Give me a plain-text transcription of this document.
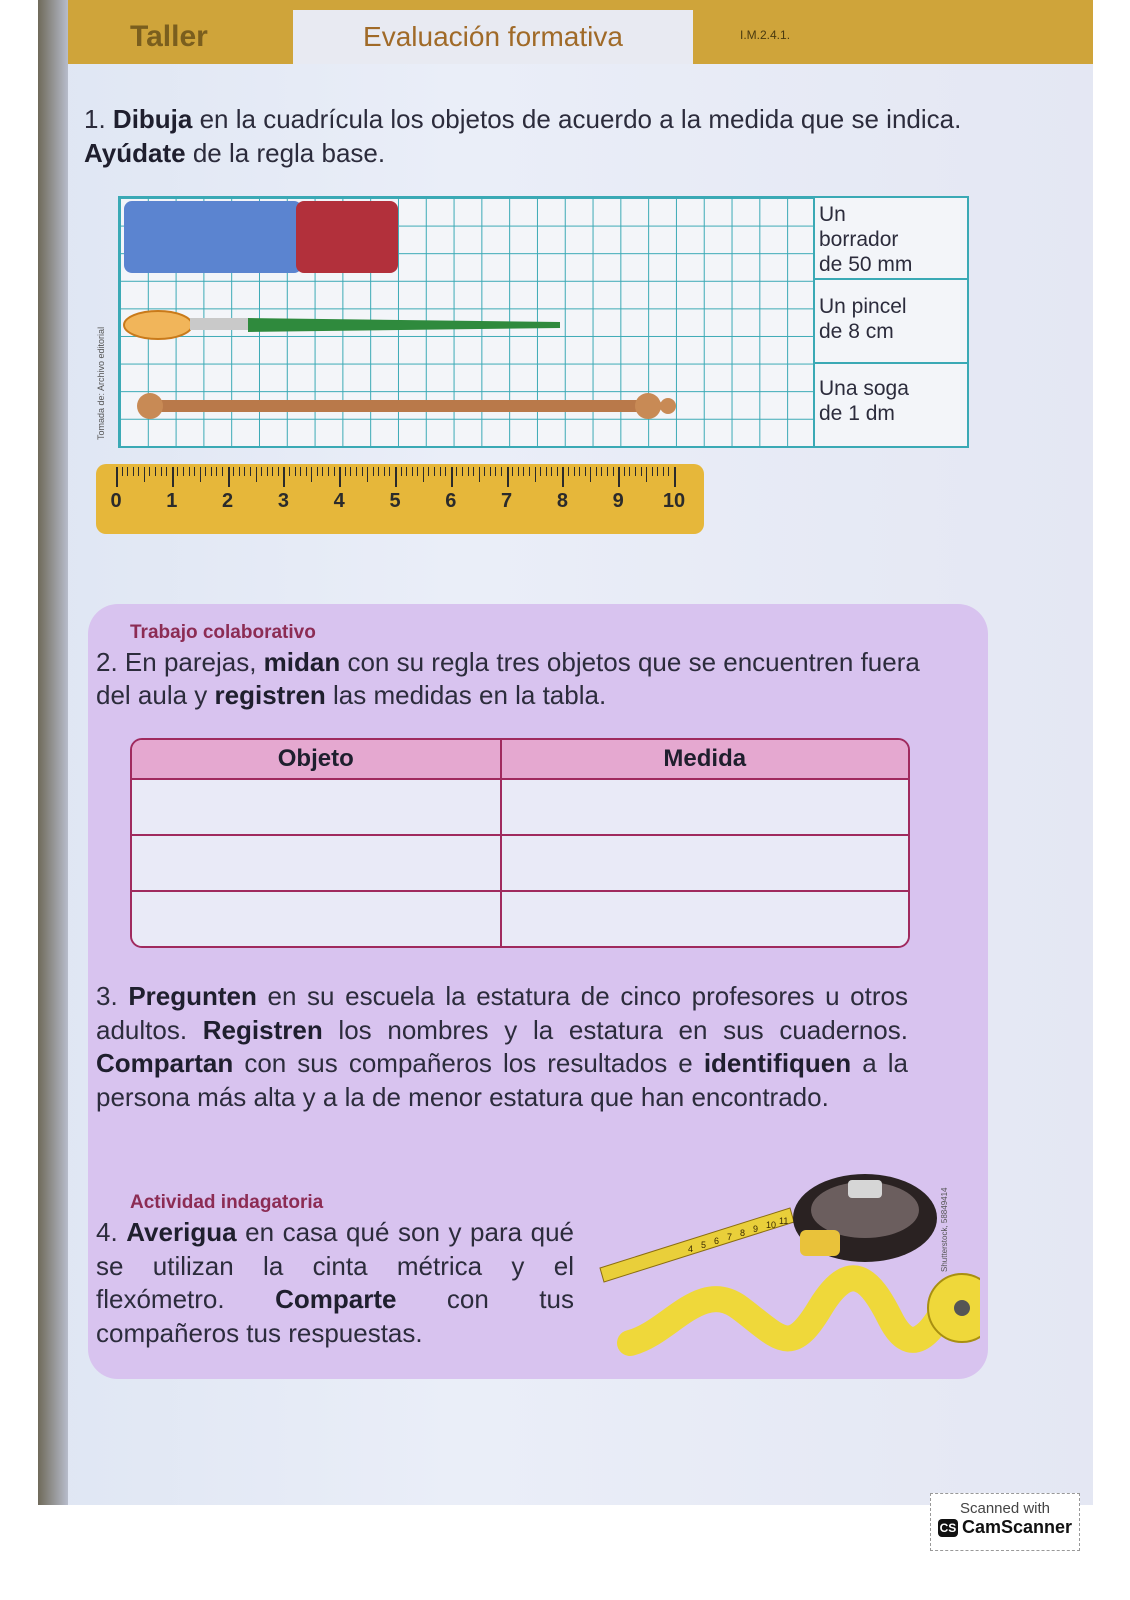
Taller	Evaluación formativa	I.M.2.4.1.
1. Dibuja en la cuadrícula los objetos de acuerdo a la medida que se indica. Ayúdate de la regla base.
Tomada de: Archivo editorial
Un
borrador
de 50 mm
Un pincel
de 8 cm
Una soga
de 1 dm
0 1 2 3 4 5 6 7 8 9 10
Trabajo colaborativo
2. En parejas, midan con su regla tres objetos que se encuentren fuera del aula y registren las medidas en la tabla.
Objeto	Medida

3. Pregunten en su escuela la estatura de cinco profesores u otros adultos. Registren los nombres y la estatura en sus cuadernos. Compartan con sus compañeros los resultados e identifiquen a la persona más alta y a la de menor estatura que han encontrado.
Actividad indagatoria
4. Averigua en casa qué son y para qué se utilizan la cinta métrica y el flexómetro. Comparte con tus compañeros tus respuestas.
4 5 6 7 8 9 10 11	Shutterstock, 58849414
Scanned with
CS CamScanner
